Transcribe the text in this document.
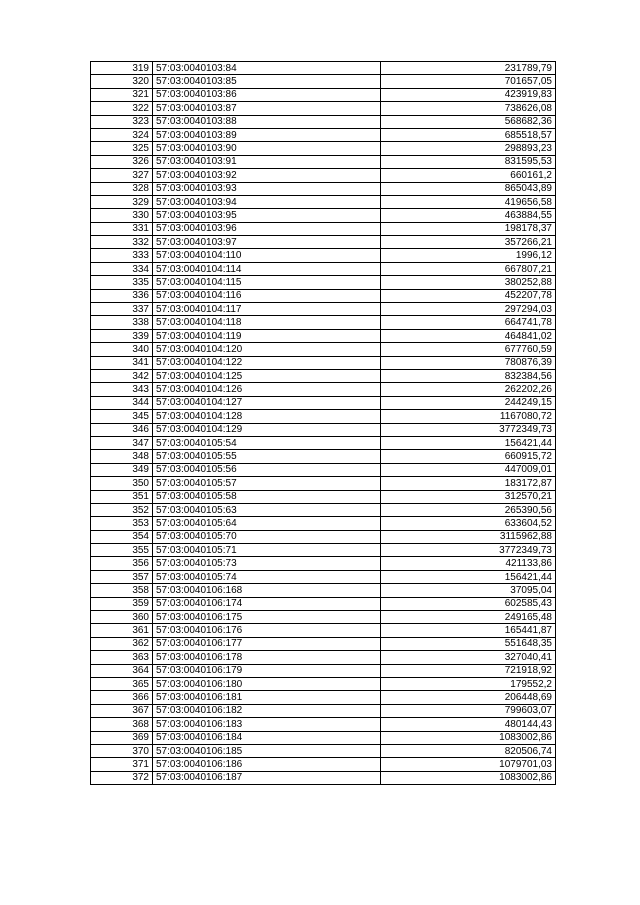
319	57:03:0040103:84	231789,79
320	57:03:0040103:85	701657,05
321	57:03:0040103:86	423919,83
322	57:03:0040103:87	738626,08
323	57:03:0040103:88	568682,36
324	57:03:0040103:89	685518,57
325	57:03:0040103:90	298893,23
326	57:03:0040103:91	831595,53
327	57:03:0040103:92	660161,2
328	57:03:0040103:93	865043,89
329	57:03:0040103:94	419656,58
330	57:03:0040103:95	463884,55
331	57:03:0040103:96	198178,37
332	57:03:0040103:97	357266,21
333	57:03:0040104:110	1996,12
334	57:03:0040104:114	667807,21
335	57:03:0040104:115	380252,88
336	57:03:0040104:116	452207,78
337	57:03:0040104:117	297294,03
338	57:03:0040104:118	664741,78
339	57:03:0040104:119	464841,02
340	57:03:0040104:120	677760,59
341	57:03:0040104:122	780876,39
342	57:03:0040104:125	832384,56
343	57:03:0040104:126	262202,26
344	57:03:0040104:127	244249,15
345	57:03:0040104:128	1167080,72
346	57:03:0040104:129	3772349,73
347	57:03:0040105:54	156421,44
348	57:03:0040105:55	660915,72
349	57:03:0040105:56	447009,01
350	57:03:0040105:57	183172,87
351	57:03:0040105:58	312570,21
352	57:03:0040105:63	265390,56
353	57:03:0040105:64	633604,52
354	57:03:0040105:70	3115962,88
355	57:03:0040105:71	3772349,73
356	57:03:0040105:73	421133,86
357	57:03:0040105:74	156421,44
358	57:03:0040106:168	37095,04
359	57:03:0040106:174	602585,43
360	57:03:0040106:175	249165,48
361	57:03:0040106:176	165441,87
362	57:03:0040106:177	551648,35
363	57:03:0040106:178	327040,41
364	57:03:0040106:179	721918,92
365	57:03:0040106:180	179552,2
366	57:03:0040106:181	206448,69
367	57:03:0040106:182	799603,07
368	57:03:0040106:183	480144,43
369	57:03:0040106:184	1083002,86
370	57:03:0040106:185	820506,74
371	57:03:0040106:186	1079701,03
372	57:03:0040106:187	1083002,86
